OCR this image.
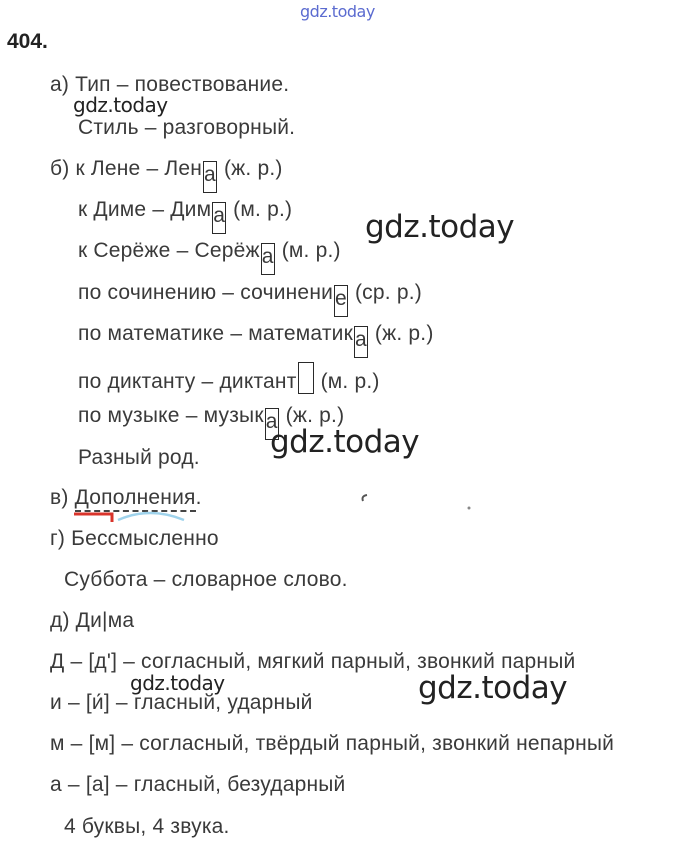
gdz.today
404.
а) Тип – повествование.
gdz.today
Стиль – разговорный.
б) к Лене – Лена (ж. р.)
к Диме – Дима (м. р.)
к Серёже – Серёжа (м. р.)
по сочинению – сочинение (ср. р.)
по математике – математика (ж. р.)
по диктанту – диктант (м. р.)
по музыке – музыка (ж. р.)
Разный род.
gdz.today
gdz.today
в) Дополнения.
г) Бессмысленно
Суббота – словарное слово.
д) Ди|ма
Д – [д'] – согласный, мягкий парный, звонкий парный
gdz.today	gdz.today
и – [и́] – гласный, ударный
м – [м] – согласный, твёрдый парный, звонкий непарный
а – [а] – гласный, безударный
4 буквы, 4 звука.
